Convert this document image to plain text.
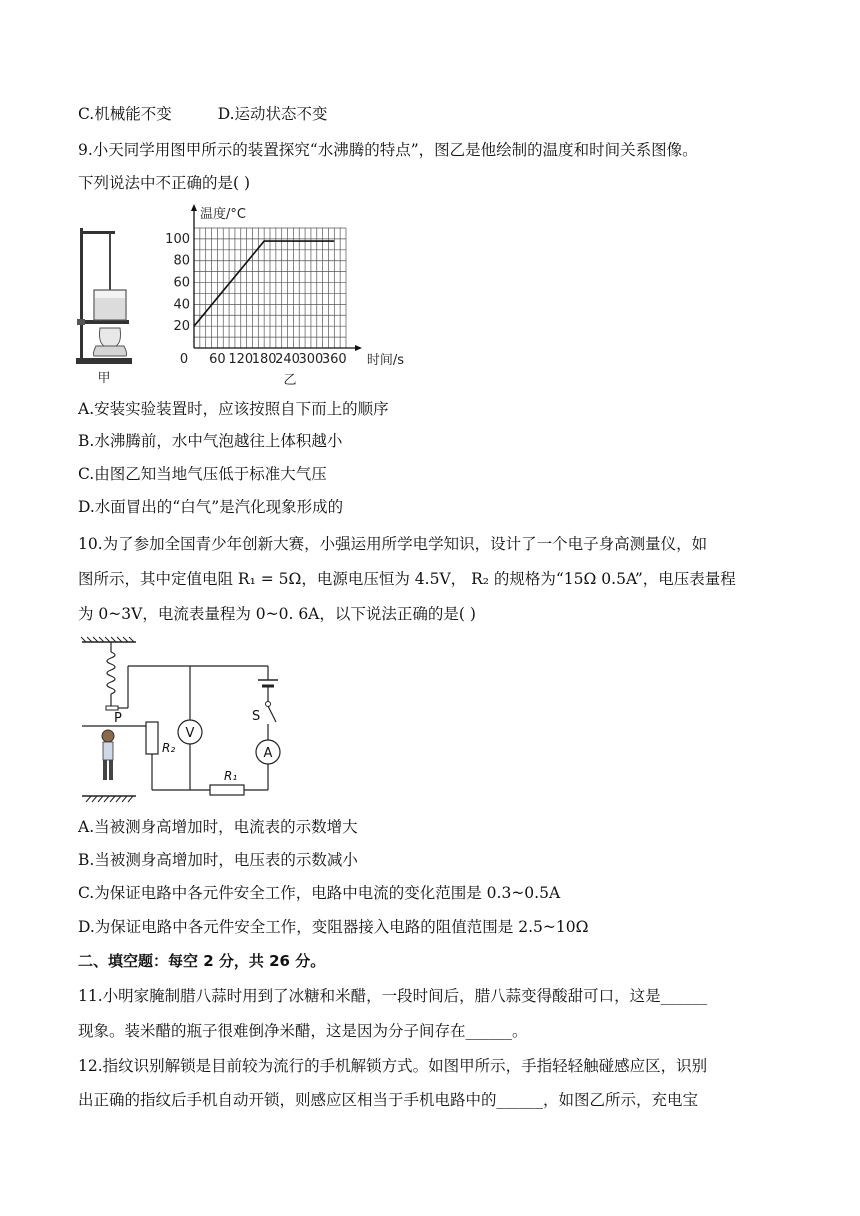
C.机械能不变	D.运动状态不变
9.小天同学用图甲所示的装置探究“水沸腾的特点”，图乙是他绘制的温度和时间关系图像。
下列说法中不正确的是( )
甲
20
40
60
80
100
60 120
180
240
300
360
温度/°C
时间/s
0
乙
A.安装实验装置时，应该按照自下而上的顺序
B.水沸腾前，水中气泡越往上体积越小
C.由图乙知当地气压低于标准大气压
D.水面冒出的“白气”是汽化现象形成的
10.为了参加全国青少年创新大赛，小强运用所学电学知识，设计了一个电子身高测量仪，如
图所示，其中定值电阻 R₁ = 5Ω，电源电压恒为 4.5V， R₂ 的规格为“15Ω 0.5A”，电压表量程
为 0~3V，电流表量程为 0~0. 6A，以下说法正确的是( )
P
R₂
V
R₁
S
A
A.当被测身高增加时，电流表的示数增大
B.当被测身高增加时，电压表的示数减小
C.为保证电路中各元件安全工作，电路中电流的变化范围是 0.3~0.5A
D.为保证电路中各元件安全工作，变阻器接入电路的阻值范围是 2.5~10Ω
二、填空题：每空 2 分，共 26 分。
11.小明家腌制腊八蒜时用到了冰糖和米醋，一段时间后，腊八蒜变得酸甜可口，这是______
现象。装米醋的瓶子很难倒净米醋，这是因为分子间存在______。
12.指纹识别解锁是目前较为流行的手机解锁方式。如图甲所示，手指轻轻触碰感应区，识别
出正确的指纹后手机自动开锁，则感应区相当于手机电路中的______，如图乙所示，充电宝
